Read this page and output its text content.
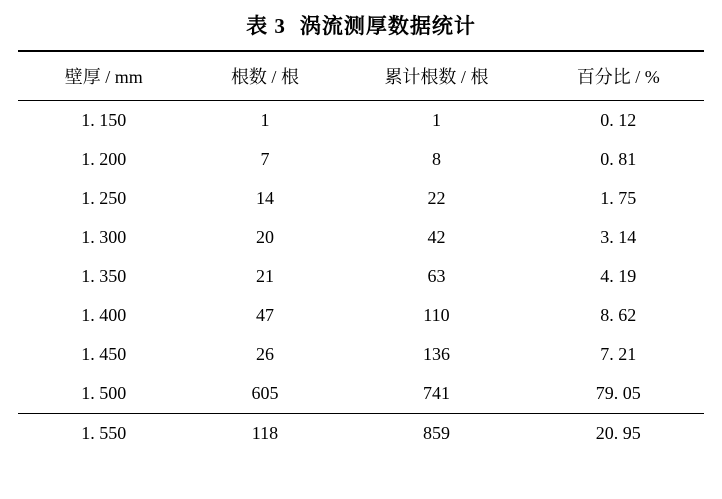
表 3 涡流测厚数据统计
壁厚 / mm	根数 / 根	累计根数 / 根	百分比 / %
1. 150	1	1	0. 12
1. 200	7	8	0. 81
1. 250	14	22	1. 75
1. 300	20	42	3. 14
1. 350	21	63	4. 19
1. 400	47	110	8. 62
1. 450	26	136	7. 21
1. 500	605	741	79. 05
1. 550	118	859	20. 95
